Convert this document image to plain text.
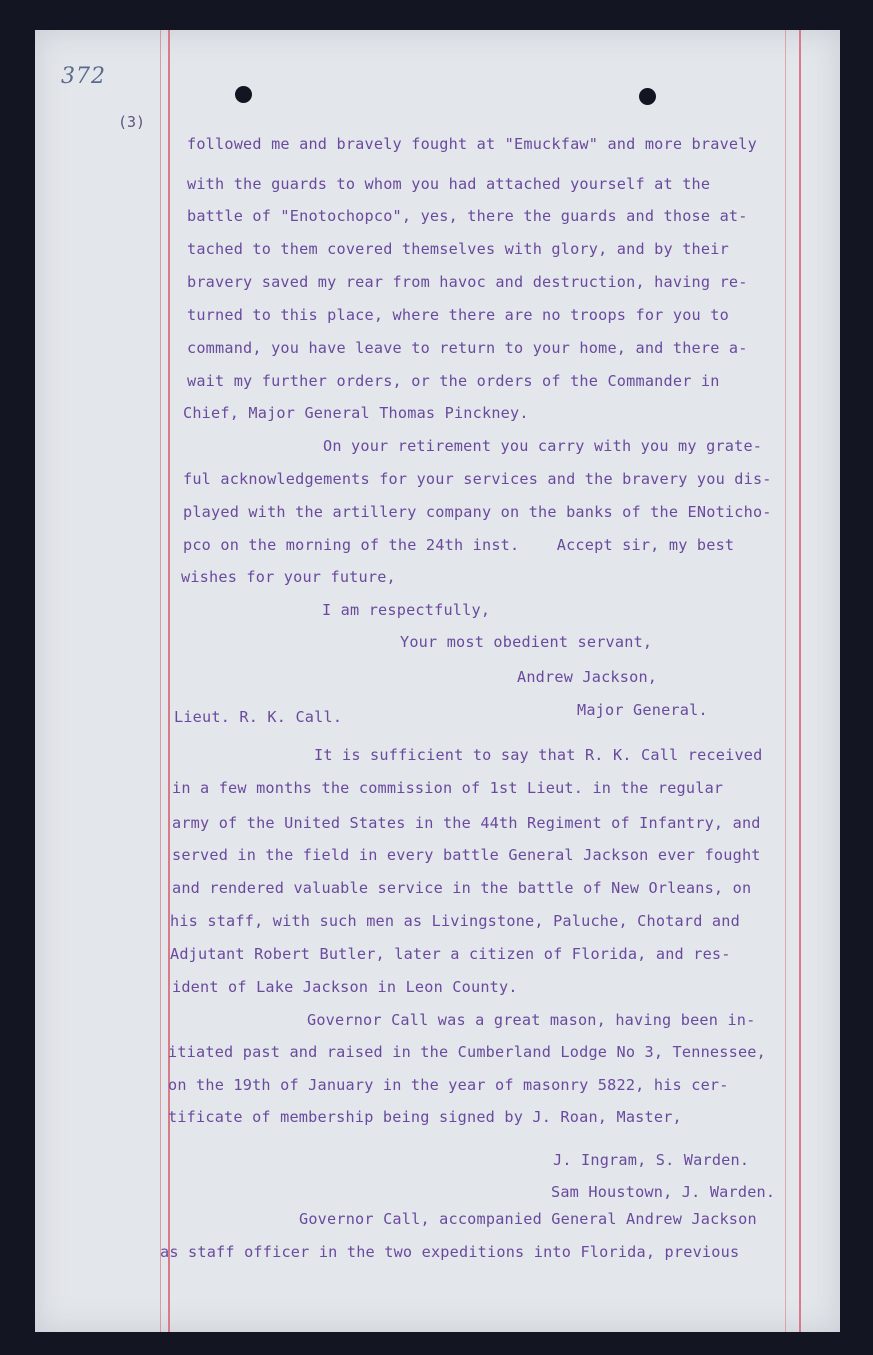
372
(3)
followed me and bravely fought at "Emuckfaw" and more bravely
with the guards to whom you had attached yourself at the
battle of "Enotochopco", yes, there the guards and those at-
tached to them covered themselves with glory, and by their
bravery saved my rear from havoc and destruction, having re-
turned to this place, where there are no troops for you to
command, you have leave to return to your home, and there a-
wait my further orders, or the orders of the Commander in
Chief, Major General Thomas Pinckney.
On your retirement you carry with you my grate-
ful acknowledgements for your services and the bravery you dis-
played with the artillery company on the banks of the ENotichо-
pco on the morning of the 24th inst.    Accept sir, my best
wishes for your future,
I am respectfully,
Your most obedient servant,
Andrew Jackson,
Major General.
Lieut. R. K. Call.
It is sufficient to say that R. K. Call received
in a few months the commission of 1st Lieut. in the regular
army of the United States in the 44th Regiment of Infantry, and
served in the field in every battle General Jackson ever fought
and rendered valuable service in the battle of New Orleans, on
his staff, with such men as Livingstone, Paluche, Chotard and
Adjutant Robert Butler, later a citizen of Florida, and res-
ident of Lake Jackson in Leon County.
Governor Call was a great mason, having been in-
itiated past and raised in the Cumberland Lodge No 3, Tennessee,
on the 19th of January in the year of masonry 5822, his cer-
tificate of membership being signed by J. Roan, Master,
J. Ingram, S. Warden.
Sam Houstown, J. Warden.
Governor Call, accompanied General Andrew Jackson
as staff officer in the two expeditions into Florida, previous
